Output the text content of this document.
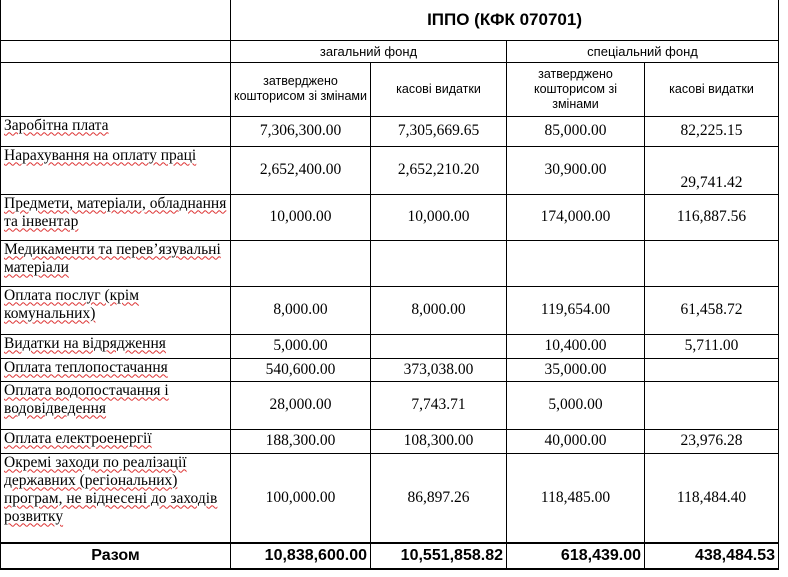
	ІППО (КФК 070701)			
	загальний фонд		спеціальний фонд	
	затверджено кошторисом зі змінами	касові видатки	затверджено кошторисом зі змінами	касові видатки
Заробітна плата	7,306,300.00	7,305,669.65	85,000.00	82,225.15
Нарахування на оплату праці	2,652,400.00	2,652,210.20	30,900.00	29,741.42
Предмети, матеріали, обладнання та інвентар	10,000.00	10,000.00	174,000.00	116,887.56
Медикаменти та перев’язувальні матеріали				
Оплата послуг (крім комунальних)	8,000.00	8,000.00	119,654.00	61,458.72
Видатки на відрядження	5,000.00		10,400.00	5,711.00
Оплата теплопостачання	540,600.00	373,038.00	35,000.00	
Оплата водопостачання і водовідведення	28,000.00	7,743.71	5,000.00	
Оплата електроенергії	188,300.00	108,300.00	40,000.00	23,976.28
Окремі заходи по реалізації державних (регіональних) програм, не віднесені до заходів розвитку	100,000.00	86,897.26	118,485.00	118,484.40
Разом	10,838,600.00	10,551,858.82	618,439.00	438,484.53
